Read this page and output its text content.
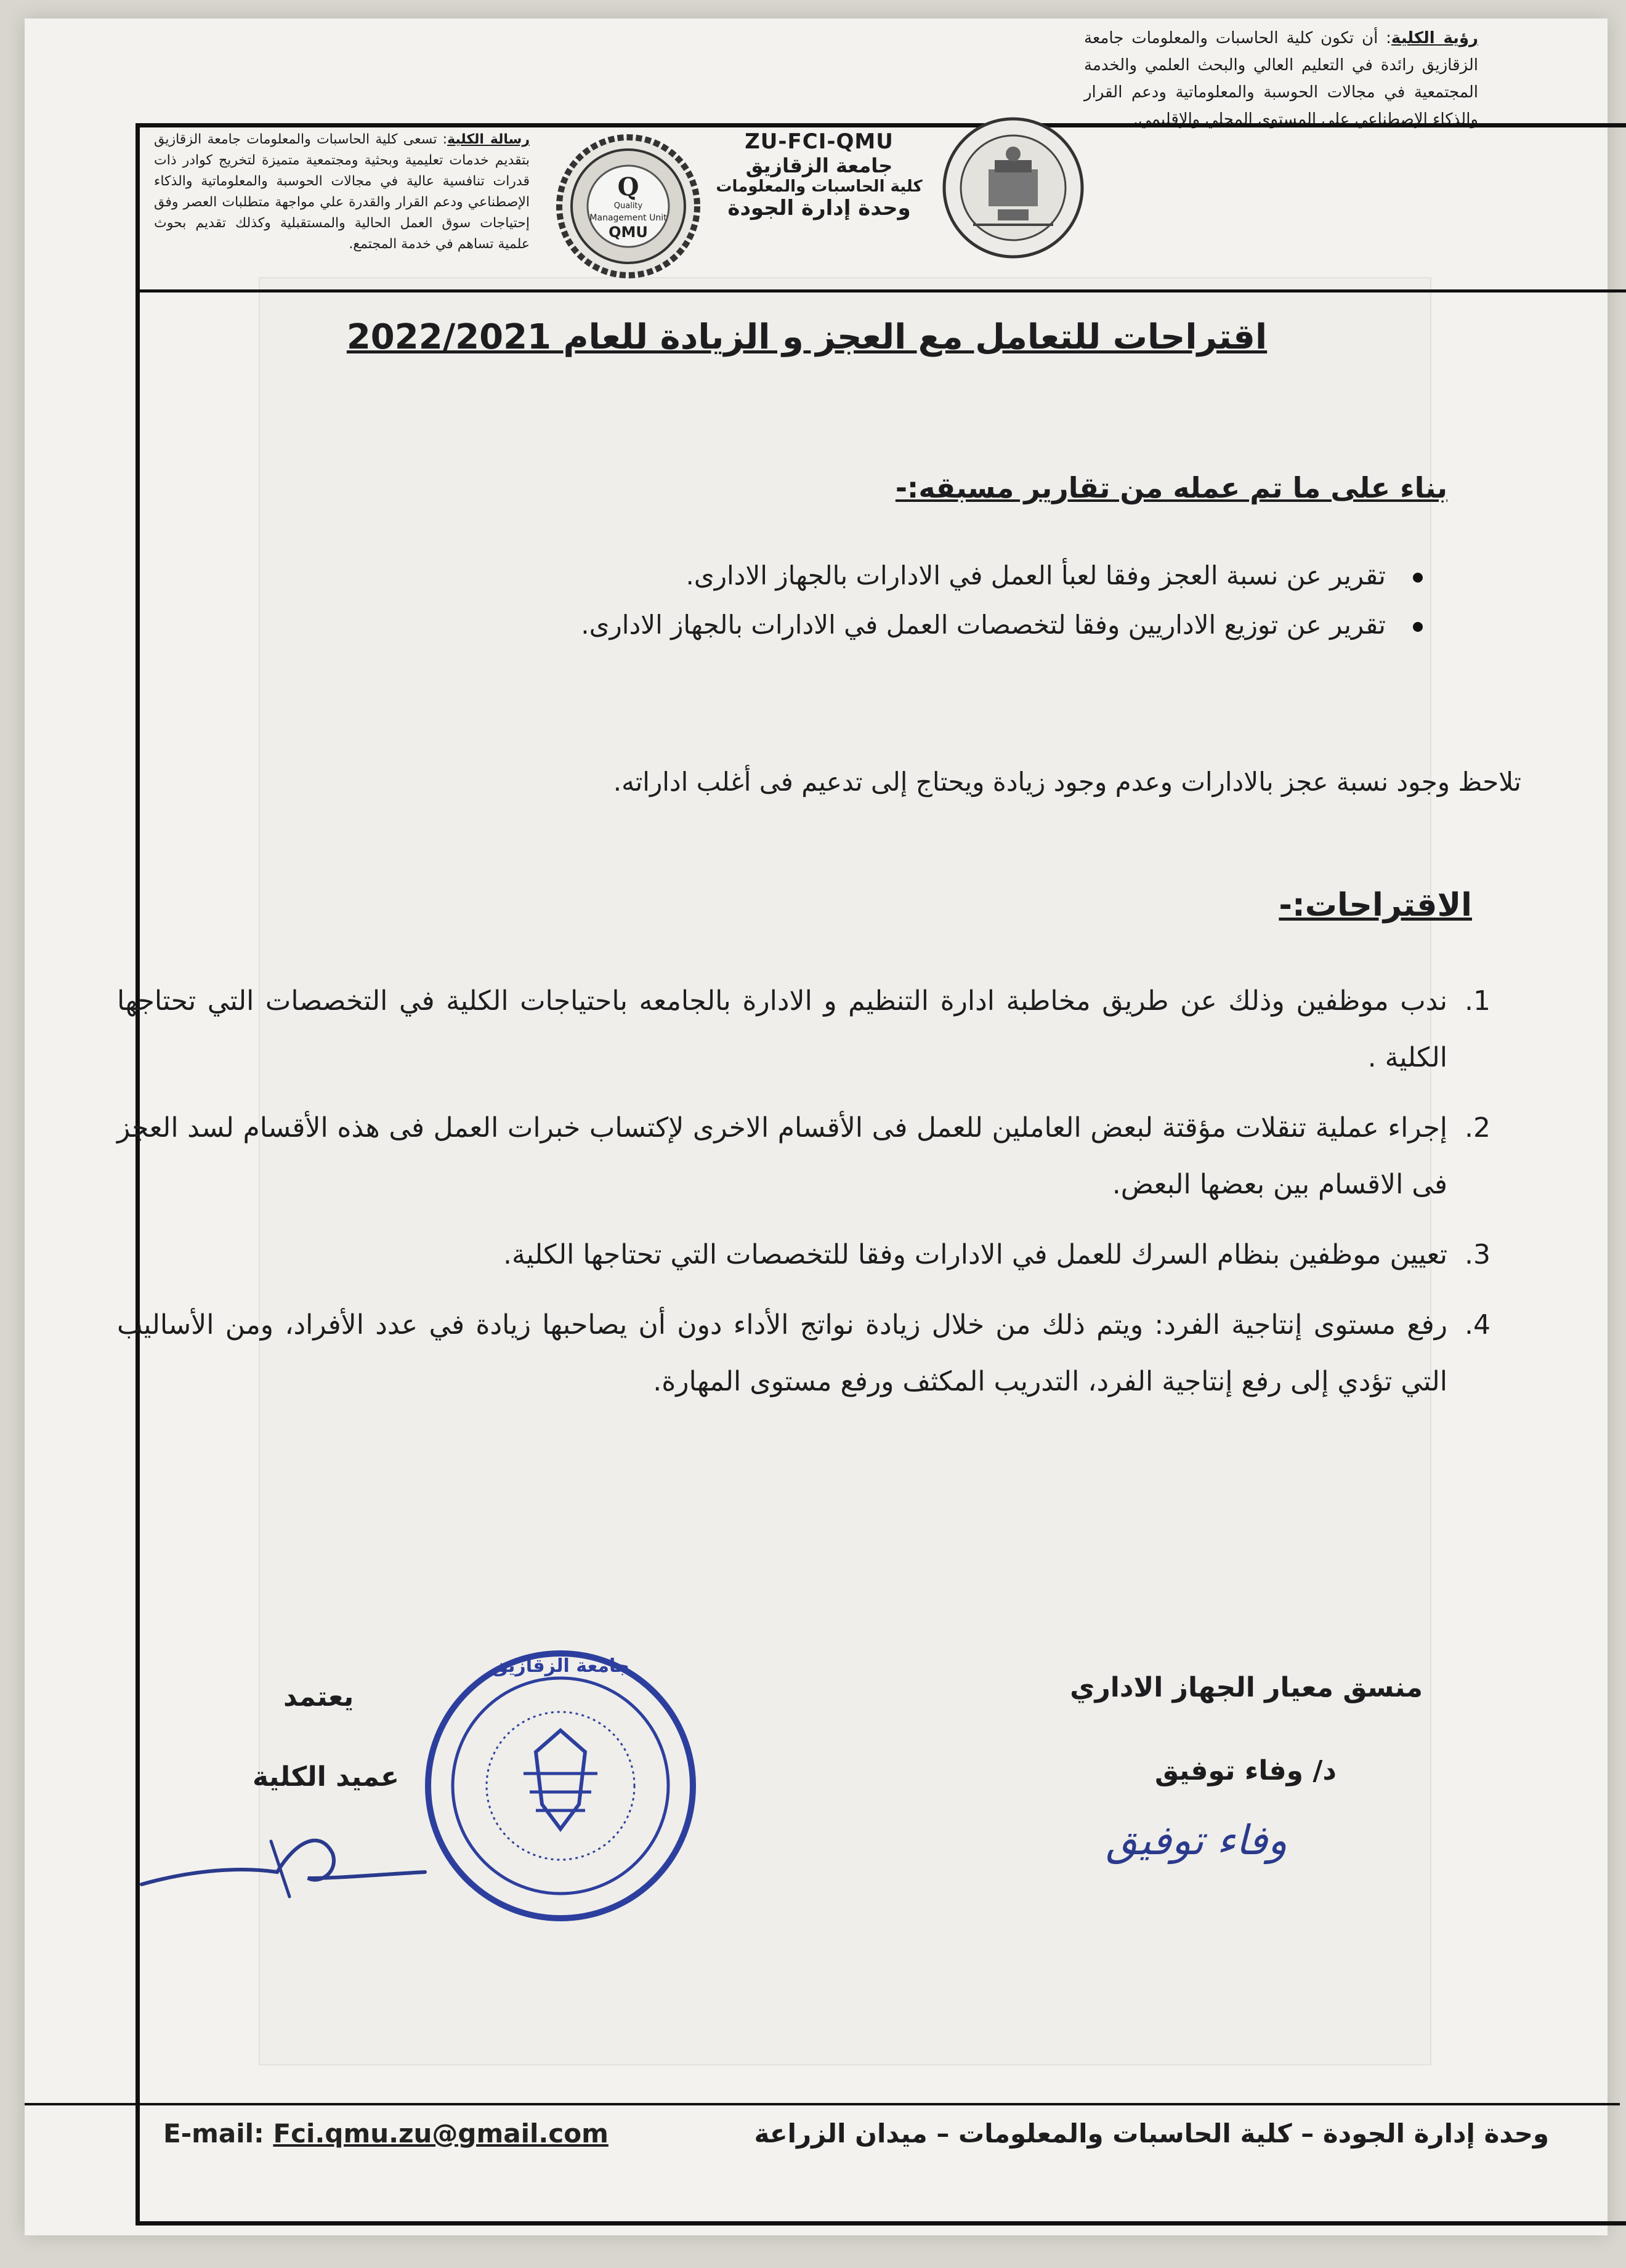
رؤية الكلية: أن تكون كلية الحاسبات والمعلومات جامعة الزقازيق رائدة في التعليم العالي والبحث العلمي والخدمة المجتمعية في مجالات الحوسبة والمعلوماتية ودعم القرار والذكاء الإصطناعي على المستوى المحلي والإقليمي.
رسالة الكلية: تسعى كلية الحاسبات والمعلومات جامعة الزقازيق بتقديم خدمات تعليمية وبحثية ومجتمعية متميزة لتخريج كوادر ذات قدرات تنافسية عالية في مجالات الحوسبة والمعلوماتية والذكاء الإصطناعي ودعم القرار والقدرة علي مواجهة متطلبات العصر وفق إحتياجات سوق العمل الحالية والمستقبلية وكذلك تقديم بحوث علمية تساهم في خدمة المجتمع.
Q
Quality
Management Unit
QMU
ZU-FCI-QMU
جامعة الزقازيق
كلية الحاسبات والمعلومات
وحدة إدارة الجودة
اقتراحات للتعامل مع العجز و الزيادة للعام 2022/2021
بناء على ما تم عمله من تقارير مسبقه:-
تقرير عن نسبة العجز وفقا لعبأ العمل في الادارات بالجهاز الادارى.
تقرير عن توزيع الاداريين وفقا لتخصصات العمل في الادارات بالجهاز الادارى.
تلاحظ وجود نسبة عجز بالادارات وعدم وجود زيادة ويحتاج إلى تدعيم فى أغلب اداراته.
الاقتراحات:-
1.
ندب موظفين وذلك عن طريق مخاطبة ادارة التنظيم و الادارة بالجامعه باحتياجات الكلية في التخصصات التي تحتاجها الكلية .
2.
إجراء عملية تنقلات مؤقتة لبعض العاملين للعمل فى الأقسام الاخرى لإكتساب خبرات العمل فى هذه الأقسام لسد العجز فى الاقسام بين بعضها البعض.
3.
تعيين موظفين بنظام السرك للعمل في الادارات وفقا للتخصصات التي تحتاجها الكلية.
4.
رفع مستوى إنتاجية الفرد: ويتم ذلك من خلال زيادة نواتج الأداء دون أن يصاحبها زيادة في عدد الأفراد، ومن الأساليب التي تؤدي إلى رفع إنتاجية الفرد، التدريب المكثف ورفع مستوى المهارة.
منسق معيار الجهاز الاداري
د/ وفاء توفيق
وفاء توفيق
يعتمد
عميد الكلية
جامعة الزقازيق
E-mail: Fci.qmu.zu@gmail.com	وحدة إدارة الجودة – كلية الحاسبات والمعلومات – ميدان الزراعة
